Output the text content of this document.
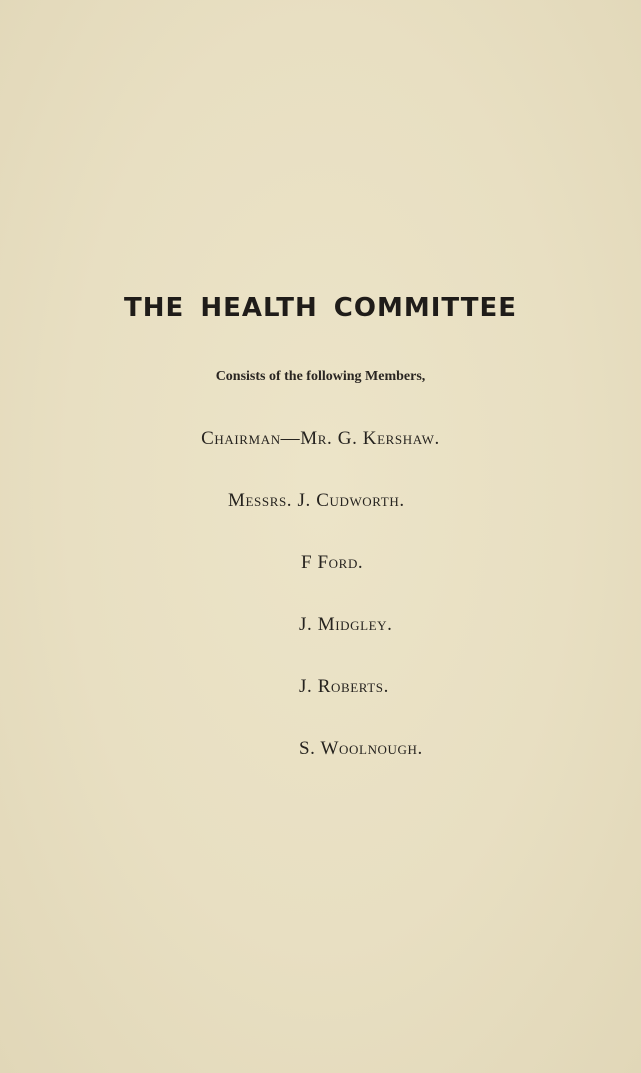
THE HEALTH COMMITTEE
Consists of the following Members,
Chairman—Mr. G. Kershaw.
Messrs. J. Cudworth.
F Ford.
J. Midgley.
J. Roberts.
S. Woolnough.
